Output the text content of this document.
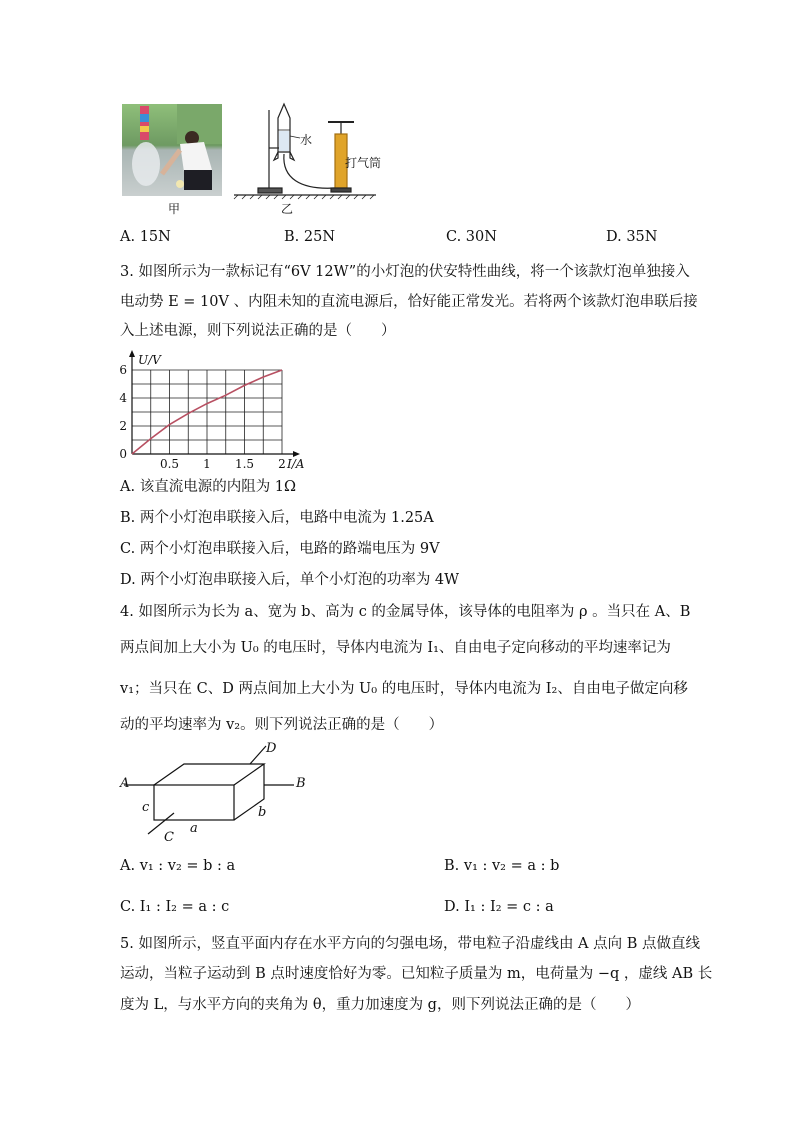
甲
水
打气筒
乙
A. 15N	B. 25N	C. 30N	D. 35N
3. 如图所示为一款标记有“6V 12W”的小灯泡的伏安特性曲线，将一个该款灯泡单独接入
电动势 E = 10V 、内阻未知的直流电源后，恰好能正常发光。若将两个该款灯泡串联后接
入上述电源，则下列说法正确的是（　　）
0.5 1 1.5 2
0
2
4
6
I/A
U/V
A. 该直流电源的内阻为 1Ω
B. 两个小灯泡串联接入后，电路中电流为 1.25A
C. 两个小灯泡串联接入后，电路的路端电压为 9V
D. 两个小灯泡串联接入后，单个小灯泡的功率为 4W
4. 如图所示为长为 a、宽为 b、高为 c 的金属导体，该导体的电阻率为 ρ 。当只在 A、B
两点间加上大小为 U₀ 的电压时，导体内电流为 I₁、自由电子定向移动的平均速率记为
v₁；当只在 C、D 两点间加上大小为 U₀ 的电压时，导体内电流为 I₂、自由电子做定向移
动的平均速率为 v₂。则下列说法正确的是（　　）
A	B
D
C
a
b
c
A. v₁ : v₂ = b : a	B. v₁ : v₂ = a : b
C. I₁ : I₂ = a : c	D. I₁ : I₂ = c : a
5. 如图所示，竖直平面内存在水平方向的匀强电场，带电粒子沿虚线由 A 点向 B 点做直线
运动，当粒子运动到 B 点时速度恰好为零。已知粒子质量为 m，电荷量为 −q ，虚线 AB 长
度为 L，与水平方向的夹角为 θ，重力加速度为 g，则下列说法正确的是（　　）
